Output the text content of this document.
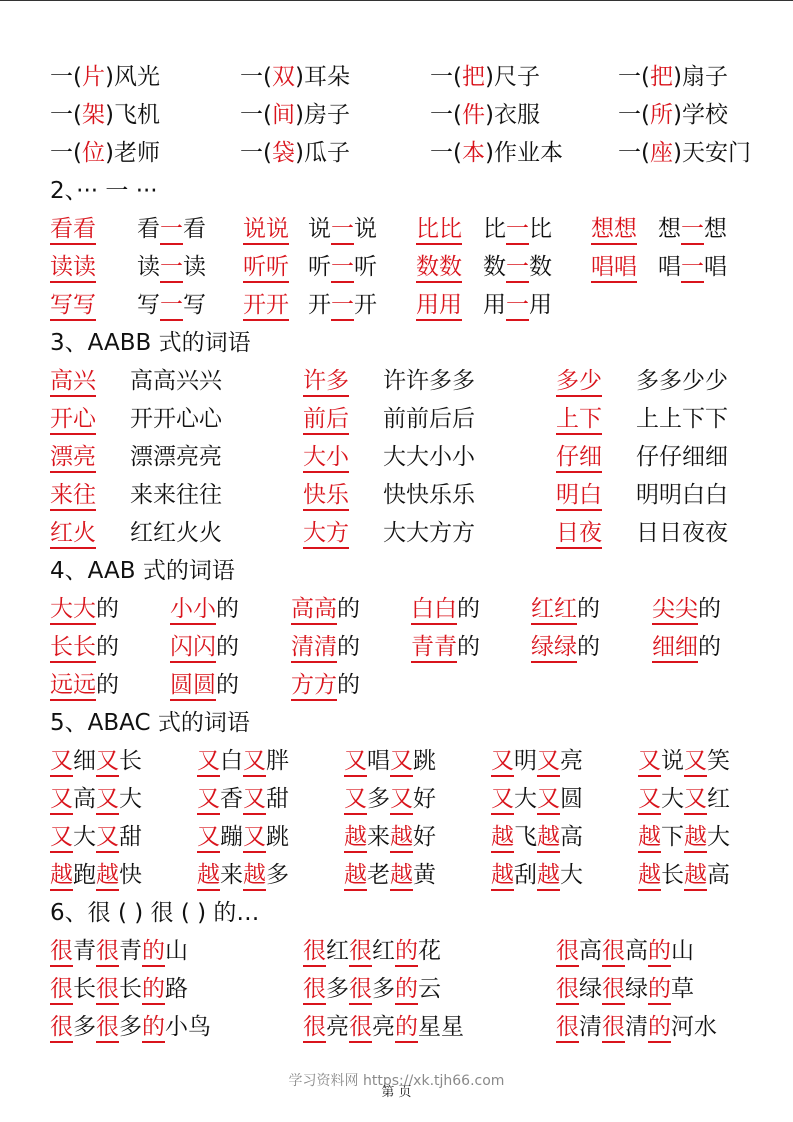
一(片)风光	一(双)耳朵	一(把)尺子	一(把)扇子
一(架)飞机	一(间)房子	一(件)衣服	一(所)学校
一(位)老师	一(袋)瓜子	一(本)作业本	一(座)天安门
2、··· 一 ···
看看	看一看	说说 说一说	比比 比一比	想想 想一想
读读	读一读	听听 听一听	数数 数一数	唱唱 唱一唱
写写	写一写	开开 开一开	用用 用一用
3、AABB 式的词语
高兴	高高兴兴	许多	许许多多	多少	多多少少
开心	开开心心	前后	前前后后	上下	上上下下
漂亮	漂漂亮亮	大小	大大小小	仔细	仔仔细细
来往	来来往往	快乐	快快乐乐	明白	明明白白
红火	红红火火	大方	大大方方	日夜	日日夜夜
4、AAB 式的词语
大大的	小小的	高高的	白白的	红红的	尖尖的
长长的	闪闪的	清清的	青青的	绿绿的	细细的
远远的	圆圆的	方方的
5、ABAC 式的词语
又细又长	又白又胖	又唱又跳	又明又亮	又说又笑
又高又大	又香又甜	又多又好	又大又圆	又大又红
又大又甜	又蹦又跳	越来越好	越飞越高	越下越大
越跑越快	越来越多	越老越黄	越刮越大	越长越高
6、很 ( ) 很 ( ) 的…
很青很青的山	很红很红的花	很高很高的山
很长很长的路	很多很多的云	很绿很绿的草
很多很多的小鸟	很亮很亮的星星	很清很清的河水
学习资料网 https://xk.tjh66.com
第 页
